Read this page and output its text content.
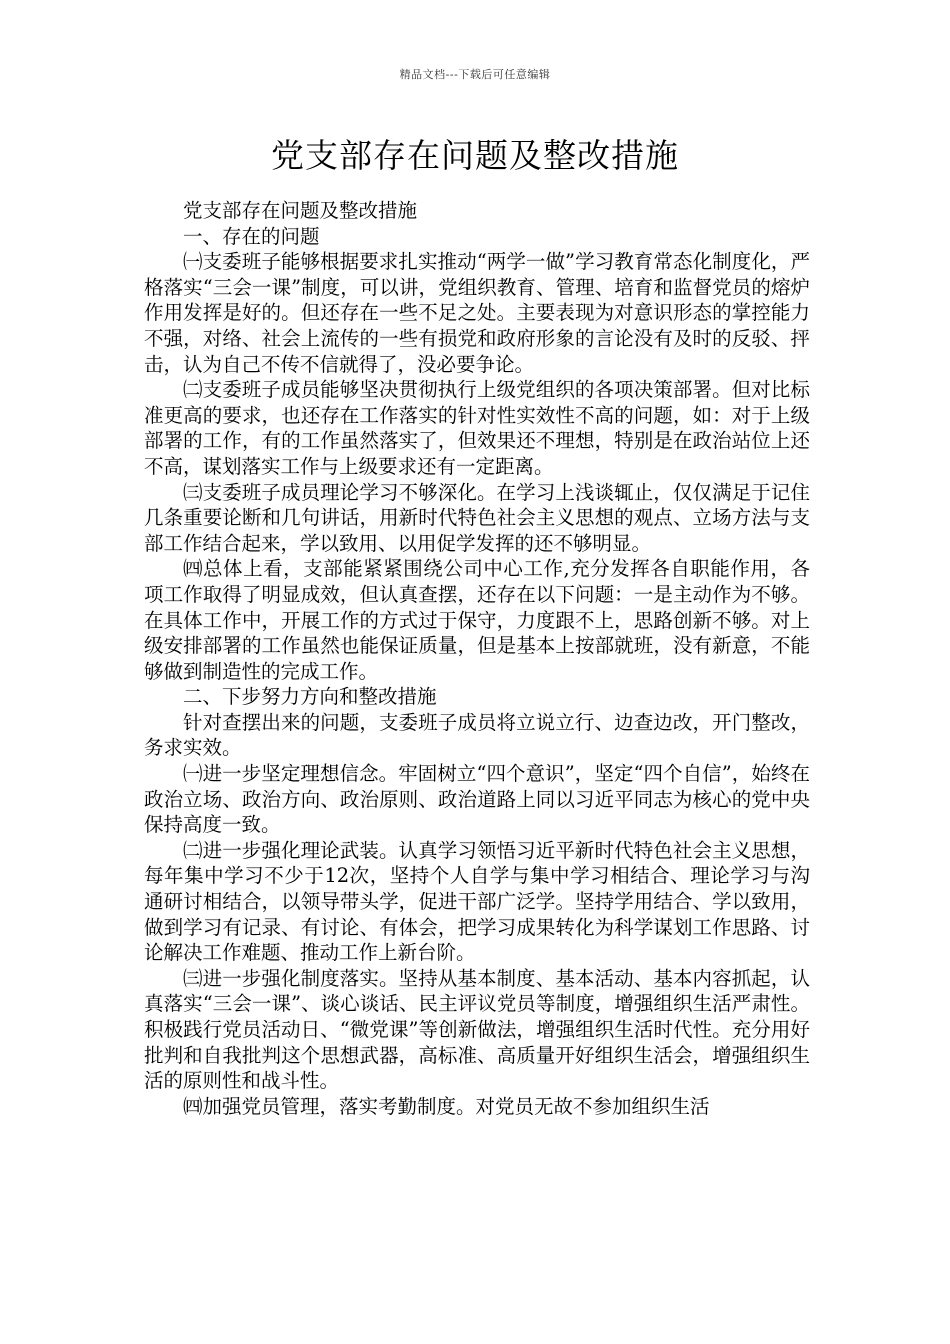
精品文档---下载后可任意编辑
党支部存在问题及整改措施

党支部存在问题及整改措施

一、存在的问题

㈠支委班子能够根据要求扎实推动“两学一做”学习教育常态化制度化，严格落实“三会一课”制度，可以讲，党组织教育、管理、培育和监督党员的熔炉作用发挥是好的。但还存在一些不足之处。主要表现为对意识形态的掌控能力不强，对络、社会上流传的一些有损党和政府形象的言论没有及时的反驳、抨击，认为自己不传不信就得了，没必要争论。

㈡支委班子成员能够坚决贯彻执行上级党组织的各项决策部署。但对比标准更高的要求，也还存在工作落实的针对性实效性不高的问题，如：对于上级部署的工作，有的工作虽然落实了，但效果还不理想，特别是在政治站位上还不高，谋划落实工作与上级要求还有一定距离。

㈢支委班子成员理论学习不够深化。在学习上浅谈辄止，仅仅满足于记住几条重要论断和几句讲话，用新时代特色社会主义思想的观点、立场方法与支部工作结合起来，学以致用、以用促学发挥的还不够明显。

㈣总体上看，支部能紧紧围绕公司中心工作,充分发挥各自职能作用，各项工作取得了明显成效，但认真查摆，还存在以下问题：一是主动作为不够。在具体工作中，开展工作的方式过于保守，力度跟不上，思路创新不够。对上级安排部署的工作虽然也能保证质量，但是基本上按部就班，没有新意，不能够做到制造性的完成工作。

二、下步努力方向和整改措施

针对查摆出来的问题，支委班子成员将立说立行、边查边改，开门整改，务求实效。

㈠进一步坚定理想信念。牢固树立“四个意识”，坚定“四个自信”，始终在政治立场、政治方向、政治原则、政治道路上同以习近平同志为核心的党中央保持高度一致。

㈡进一步强化理论武装。认真学习领悟习近平新时代特色社会主义思想，每年集中学习不少于12次，坚持个人自学与集中学习相结合、理论学习与沟通研讨相结合，以领导带头学，促进干部广泛学。坚持学用结合、学以致用，做到学习有记录、有讨论、有体会，把学习成果转化为科学谋划工作思路、讨论解决工作难题、推动工作上新台阶。

㈢进一步强化制度落实。坚持从基本制度、基本活动、基本内容抓起，认真落实“三会一课”、谈心谈话、民主评议党员等制度，增强组织生活严肃性。积极践行党员活动日、“微党课”等创新做法，增强组织生活时代性。充分用好批判和自我批判这个思想武器，高标准、高质量开好组织生活会，增强组织生活的原则性和战斗性。

㈣加强党员管理，落实考勤制度。对党员无故不参加组织生活
